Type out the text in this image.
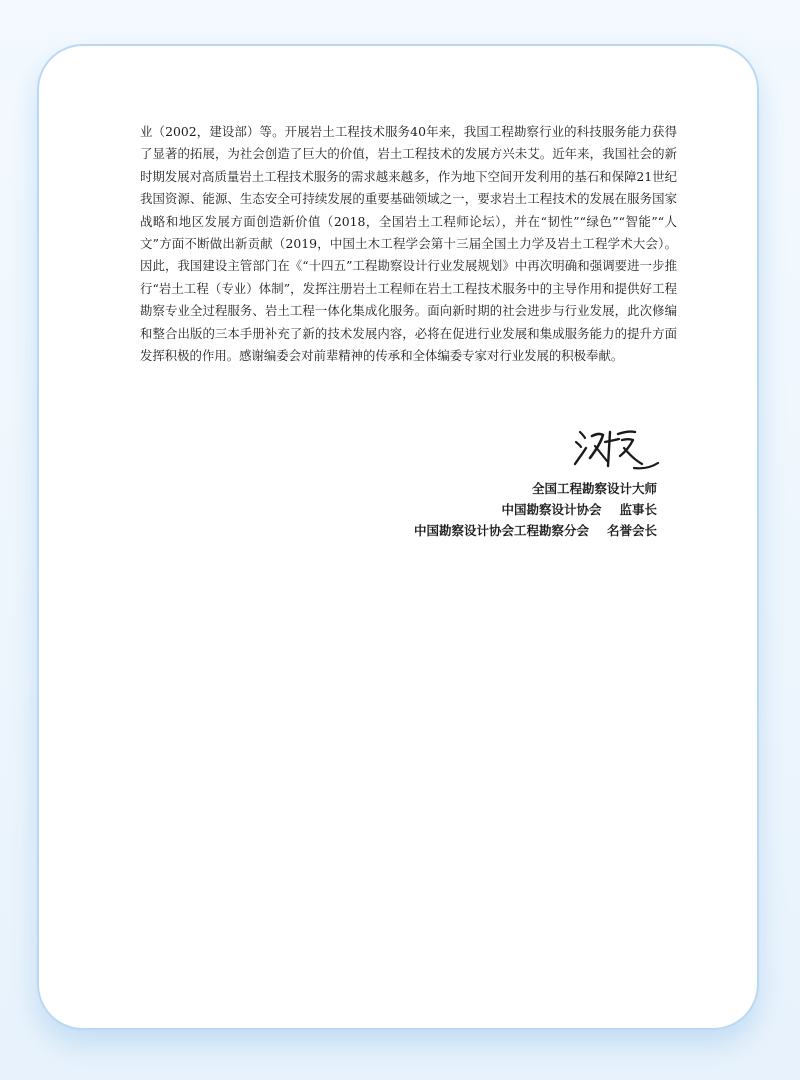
业（2002，建设部）等。开展岩土工程技术服务40年来，我国工程勘察行业的科技服务能力获得了显著的拓展，为社会创造了巨大的价值，岩土工程技术的发展方兴未艾。近年来，我国社会的新时期发展对高质量岩土工程技术服务的需求越来越多，作为地下空间开发利用的基石和保障21世纪我国资源、能源、生态安全可持续发展的重要基础领域之一，要求岩土工程技术的发展在服务国家战略和地区发展方面创造新价值（2018，全国岩土工程师论坛），并在“韧性”“绿色”“智能”“人文”方面不断做出新贡献（2019，中国土木工程学会第十三届全国土力学及岩土工程学术大会）。因此，我国建设主管部门在《“十四五”工程勘察设计行业发展规划》中再次明确和强调要进一步推行“岩土工程（专业）体制”，发挥注册岩土工程师在岩土工程技术服务中的主导作用和提供好工程勘察专业全过程服务、岩土工程一体化集成化服务。面向新时期的社会进步与行业发展，此次修编和整合出版的三本手册补充了新的技术发展内容，必将在促进行业发展和集成服务能力的提升方面发挥积极的作用。感谢编委会对前辈精神的传承和全体编委专家对行业发展的积极奉献。

全国工程勘察设计大师
中国勘察设计协会 监事长
中国勘察设计协会工程勘察分会 名誉会长
